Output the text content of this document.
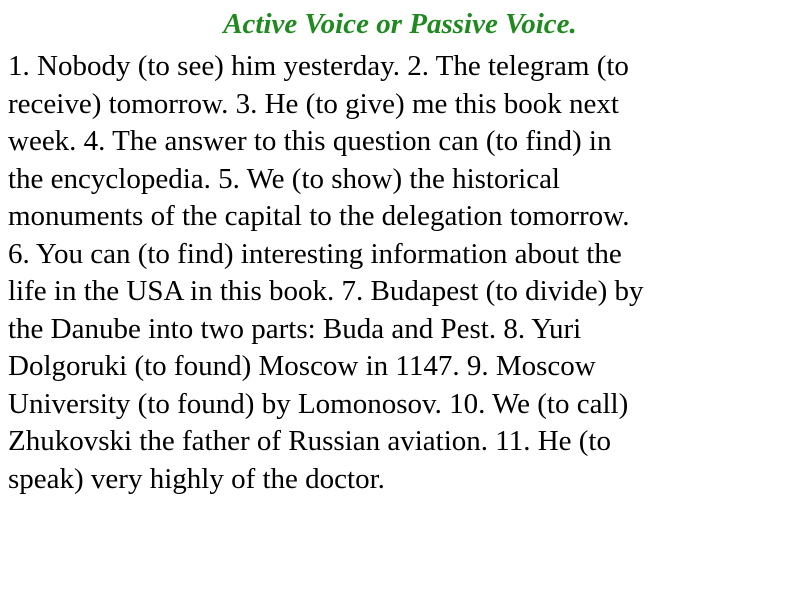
Active Voice or Passive Voice.
1. Nobody (to see) him yesterday. 2. The telegram (to
receive) tomorrow. 3. He (to give) me this book next
week. 4. The answer to this question can (to find) in
the encyclopedia. 5. We (to show) the historical
monuments of the capital to the delegation tomorrow.
6. You can (to find) interesting information about the
life in the USA in this book. 7. Budapest (to divide) by
the Danube into two parts: Buda and Pest. 8. Yuri
Dolgoruki (to found) Moscow in 1147. 9. Moscow
University (to found) by Lomonosov. 10. We (to call)
Zhukovski the father of Russian aviation. 11. He (to
speak) very highly of the doctor.
